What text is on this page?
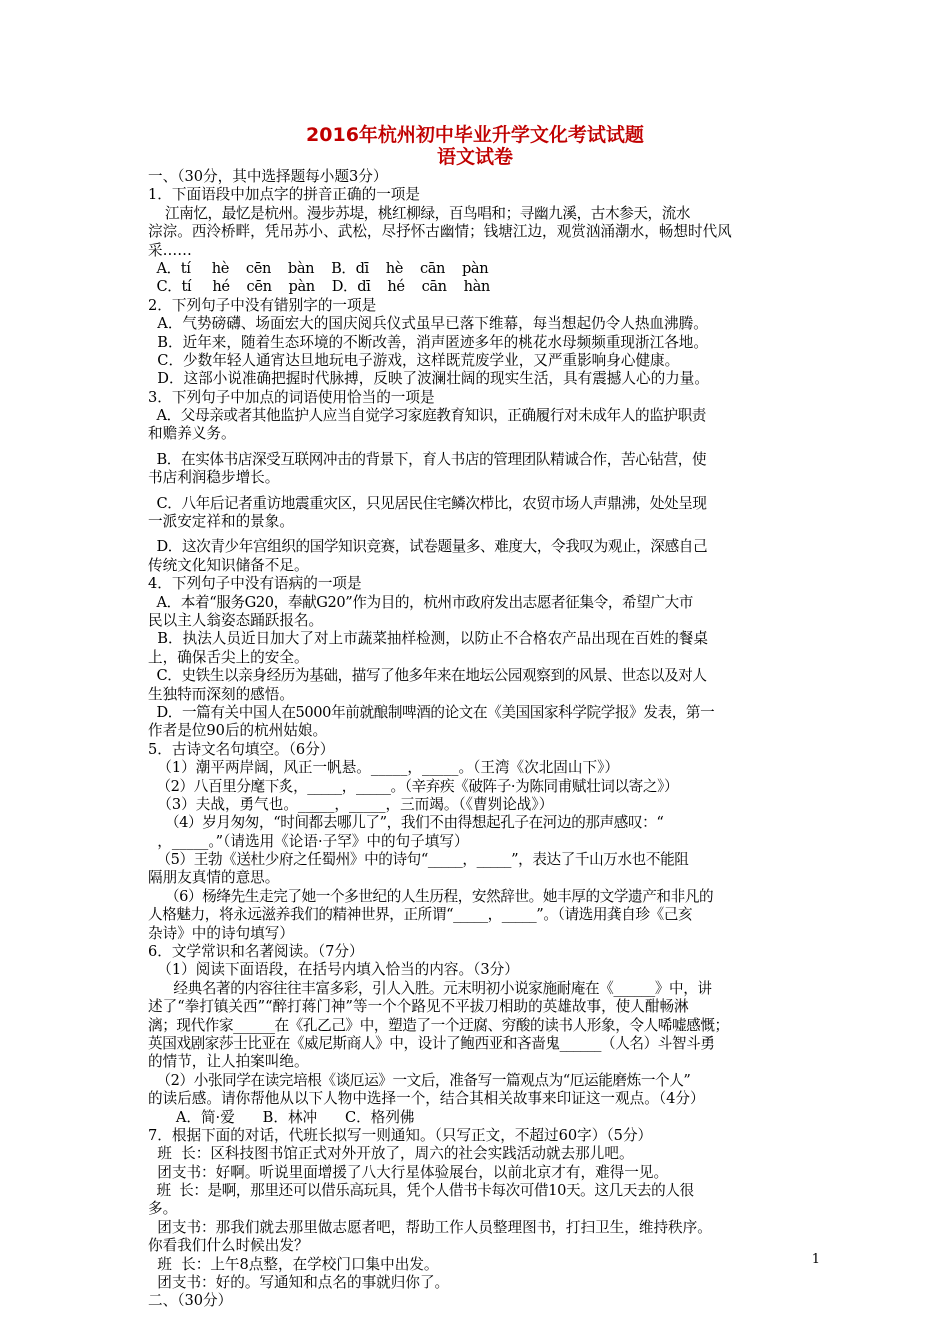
2016年杭州初中毕业升学文化考试试题
语文试卷
一、（30分，其中选择题每小题3分）
1．下面语段中加点字的拼音正确的一项是
江南忆，最忆是杭州。漫步苏堤，桃红柳绿，百鸟唱和；寻幽九溪，古木参天，流水
淙淙。西泠桥畔，凭吊苏小、武松，尽抒怀古幽情；钱塘江边，观赏汹涌潮水，畅想时代风
采……
A．tí     hè    cēn    bàn    B．dī    hè    cān    pàn
C．tí     hé    cēn    pàn    D．dī    hé    cān    hàn
2．下列句子中没有错别字的一项是
A．气势磅礴、场面宏大的国庆阅兵仪式虽早已落下维幕，每当想起仍令人热血沸腾。
B．近年来，随着生态环境的不断改善，消声匿迹多年的桃花水母频频重现浙江各地。
C．少数年轻人通宵达旦地玩电子游戏，这样既荒废学业，又严重影响身心健康。
D．这部小说准确把握时代脉搏，反映了波澜壮阔的现实生活，具有震撼人心的力量。
3．下列句子中加点的词语使用恰当的一项是
A．父母亲或者其他监护人应当自觉学习家庭教育知识，正确履行对未成年人的监护职责
和赡养义务。
B．在实体书店深受互联网冲击的背景下，育人书店的管理团队精诚合作，苦心钻营，使
书店利润稳步增长。
C．八年后记者重访地震重灾区，只见居民住宅鳞次栉比，农贸市场人声鼎沸，处处呈现
一派安定祥和的景象。
D．这次青少年宫组织的国学知识竞赛，试卷题量多、难度大，令我叹为观止，深感自己
传统文化知识储备不足。
4．下列句子中没有语病的一项是
A．本着“服务G20，奉献G20”作为目的，杭州市政府发出志愿者征集令，希望广大市
民以主人翁姿态踊跃报名。
B．执法人员近日加大了对上市蔬菜抽样检测，以防止不合格农产品出现在百姓的餐桌
上，确保舌尖上的安全。
C．史铁生以亲身经历为基础，描写了他多年来在地坛公园观察到的风景、世态以及对人
生独特而深刻的感悟。
D．一篇有关中国人在5000年前就酿制啤酒的论文在《美国国家科学院学报》发表，第一
作者是位90后的杭州姑娘。
5．古诗文名句填空。（6分）
（1）潮平两岸阔，风正一帆悬。_____，_____。（王湾《次北固山下》）
（2）八百里分麾下炙，_____，_____。（辛弃疾《破阵子·为陈同甫赋壮词以寄之》）
（3）夫战，勇气也。_____，_____，三而竭。（《曹刿论战》）
（4）岁月匆匆，“时间都去哪儿了”，我们不由得想起孔子在河边的那声感叹：“
，_____。”（请选用《论语·子罕》中的句子填写）
（5）王勃《送杜少府之任蜀州》中的诗句“_____，_____”，表达了千山万水也不能阻
隔朋友真情的意思。
（6）杨绛先生走完了她一个多世纪的人生历程，安然辞世。她丰厚的文学遗产和非凡的
人格魅力，将永远滋养我们的精神世界，正所谓“_____，_____”。（请选用龚自珍《己亥
杂诗》中的诗句填写）
6．文学常识和名著阅读。（7分）
（1）阅读下面语段，在括号内填入恰当的内容。（3分）
经典名著的内容往往丰富多彩，引人入胜。元末明初小说家施耐庵在《______》中，讲
述了“拳打镇关西”“醉打蒋门神”等一个个路见不平拔刀相助的英雄故事，使人酣畅淋
漓；现代作家______在《孔乙己》中，塑造了一个迂腐、穷酸的读书人形象，令人唏嘘感慨；
英国戏剧家莎士比亚在《威尼斯商人》中，设计了鲍西亚和吝啬鬼______（人名）斗智斗勇
的情节，让人拍案叫绝。
（2）小张同学在读完培根《谈厄运》一文后，准备写一篇观点为“厄运能磨炼一个人”
的读后感。请你帮他从以下人物中选择一个，结合其相关故事来印证这一观点。（4分）
A．简·爱      B．林冲      C．格列佛
7．根据下面的对话，代班长拟写一则通知。（只写正文，不超过60字）（5分）
班  长：区科技图书馆正式对外开放了，周六的社会实践活动就去那儿吧。
团支书：好啊。听说里面增援了八大行星体验展台，以前北京才有，难得一见。
班  长：是啊，那里还可以借乐高玩具，凭个人借书卡每次可借10天。这几天去的人很
多。
团支书：那我们就去那里做志愿者吧，帮助工作人员整理图书，打扫卫生，维持秩序。
你看我们什么时候出发？
班  长：上午8点整，在学校门口集中出发。
团支书：好的。写通知和点名的事就归你了。
二、（30分）
1
